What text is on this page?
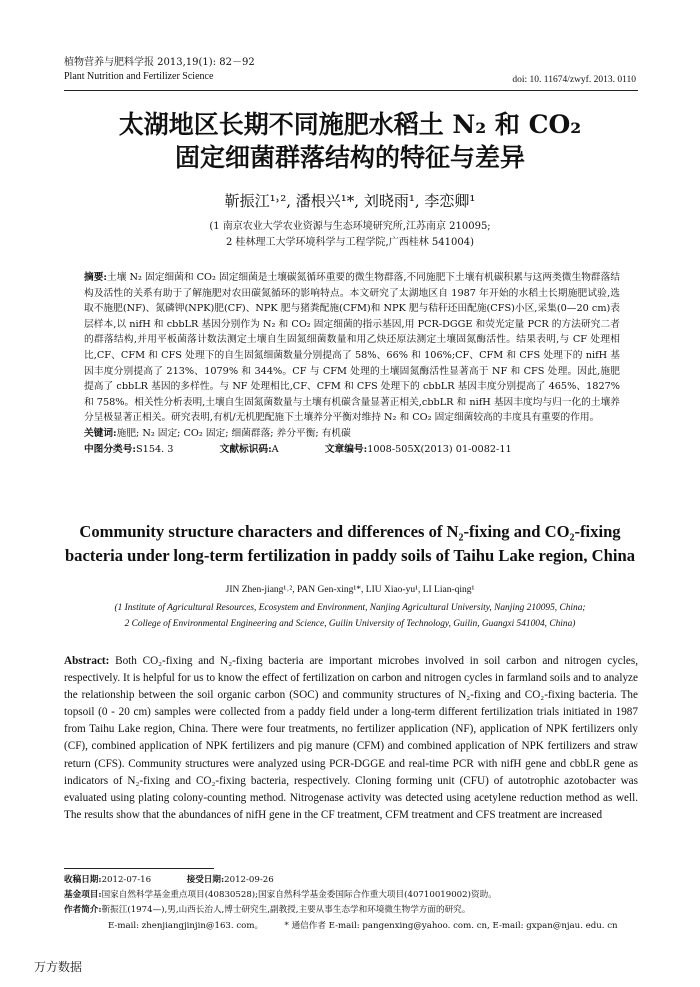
植物营养与肥料学报 2013,19(1): 82－92
Plant Nutrition and Fertilizer Science	doi: 10. 11674/zwyf. 2013. 0110
太湖地区长期不同施肥水稻土 N₂ 和 CO₂
固定细菌群落结构的特征与差异
靳振江¹˒², 潘根兴¹*, 刘晓雨¹, 李恋卿¹
(1 南京农业大学农业资源与生态环境研究所,江苏南京 210095;
2 桂林理工大学环境科学与工程学院,广西桂林 541004)
摘要:土壤 N₂ 固定细菌和 CO₂ 固定细菌是土壤碳氮循环重要的微生物群落,不同施肥下土壤有机碳积累与这两类微生物群落结构及活性的关系有助于了解施肥对农田碳氮循环的影响特点。本文研究了太湖地区自 1987 年开始的水稻土长期施肥试验,选取不施肥(NF)、氮磷钾(NPK)肥(CF)、NPK 肥与猪粪配施(CFM)和 NPK 肥与秸秆还田配施(CFS)小区,采集(0—20 cm)表层样本,以 nifH 和 cbbLR 基因分别作为 N₂ 和 CO₂ 固定细菌的指示基因,用 PCR-DGGE 和荧光定量 PCR 的方法研究二者的群落结构,并用平板菌落计数法测定土壤自生固氮细菌数量和用乙炔还原法测定土壤固氮酶活性。结果表明,与 CF 处理相比,CF、CFM 和 CFS 处理下的自生固氮细菌数量分别提高了 58%、66% 和 106%;CF、CFM 和 CFS 处理下的 nifH 基因丰度分别提高了 213%、1079% 和 344%。CF 与 CFM 处理的土壤固氮酶活性显著高于 NF 和 CFS 处理。因此,施肥提高了 cbbLR 基因的多样性。与 NF 处理相比,CF、CFM 和 CFS 处理下的 cbbLR 基因丰度分别提高了 465%、1827% 和 758%。相关性分析表明,土壤自生固氮菌数量与土壤有机碳含量显著正相关,cbbLR 和 nifH 基因丰度均与归一化的土壤养分呈极显著正相关。研究表明,有机/无机肥配施下土壤养分平衡对维持 N₂ 和 CO₂ 固定细菌较高的丰度具有重要的作用。
关键词:施肥; N₂ 固定; CO₂ 固定; 细菌群落; 养分平衡; 有机碳
中图分类号:S154. 3	文献标识码:A	文章编号:1008-505X(2013) 01-0082-11
Community structure characters and differences of N₂-fixing and CO₂-fixing
bacteria under long-term fertilization in paddy soils of Taihu Lake region, China
JIN Zhen-jiang¹˒², PAN Gen-xing¹*, LIU Xiao-yu¹, LI Lian-qing¹
(1 Institute of Agricultural Resources, Ecosystem and Environment, Nanjing Agricultural University, Nanjing 210095, China;
2 College of Environmental Engineering and Science, Guilin University of Technology, Guilin, Guangxi 541004, China)
Abstract: Both CO₂-fixing and N₂-fixing bacteria are important microbes involved in soil carbon and nitrogen cycles, respectively. It is helpful for us to know the effect of fertilization on carbon and nitrogen cycles in farmland soils and to analyze the relationship between the soil organic carbon (SOC) and community structures of N₂-fixing and CO₂-fixing bacteria. The topsoil (0 - 20 cm) samples were collected from a paddy field under a long-term different fertilization trials initiated in 1987 from Taihu Lake region, China. There were four treatments, no fertilizer application (NF), application of NPK fertilizers only (CF), combined application of NPK fertilizers and pig manure (CFM) and combined application of NPK fertilizers and straw return (CFS). Community structures were analyzed using PCR-DGGE and real-time PCR with nifH gene and cbbLR gene as indicators of N₂-fixing and CO₂-fixing bacteria, respectively. Cloning forming unit (CFU) of autotrophic azotobacter was evaluated using plating colony-counting method. Nitrogenase activity was detected using acetylene reduction method as well. The results show that the abundances of nifH gene in the CF treatment, CFM treatment and CFS treatment are increased
收稿日期:2012-07-16	接受日期:2012-09-26
基金项目:国家自然科学基金重点项目(40830528);国家自然科学基金委国际合作重大项目(40710019002)资助。
作者简介:靳振江(1974—),男,山西长治人,博士研究生,副教授,主要从事生态学和环境微生物学方面的研究。
E-mail: zhenjiangjinjin@163. com。 * 通信作者 E-mail: pangenxing@yahoo. com. cn, E-mail: gxpan@njau. edu. cn
万方数据
